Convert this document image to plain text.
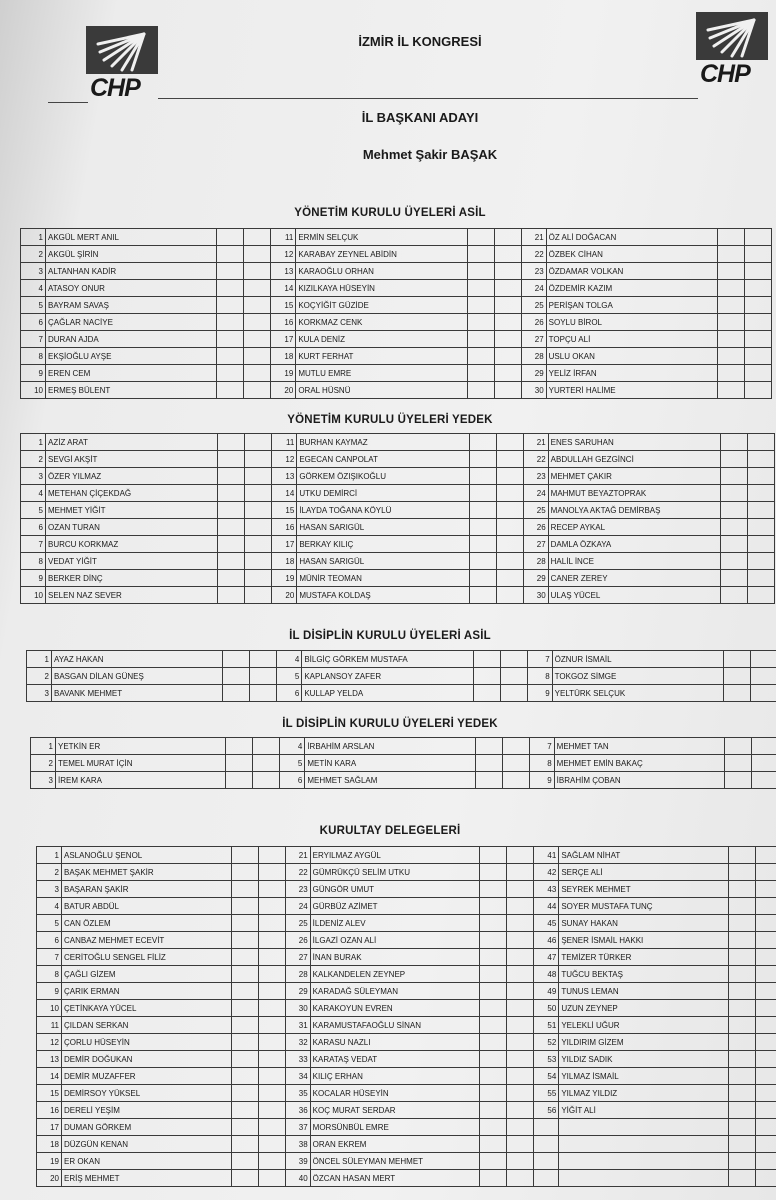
CHP	CHP
İZMİR İL KONGRESİ
İL BAŞKANI ADAYI
Mehmet Şakir BAŞAK
YÖNETİM KURULU ÜYELERİ ASİL
1	AKGÜL MERT ANIL			11	ERMİN SELÇUK			21	ÖZ ALİ DOĞACAN		
2	AKGÜL ŞİRİN			12	KARABAY ZEYNEL ABİDİN			22	ÖZBEK CİHAN		
3	ALTANHAN KADİR			13	KARAOĞLU ORHAN			23	ÖZDAMAR VOLKAN		
4	ATASOY ONUR			14	KIZILKAYA HÜSEYİN			24	ÖZDEMİR KAZIM		
5	BAYRAM SAVAŞ			15	KOÇYİĞİT GÜZİDE			25	PERİŞAN TOLGA		
6	ÇAĞLAR NACİYE			16	KORKMAZ CENK			26	SOYLU BİROL		
7	DURAN AJDA			17	KULA DENİZ			27	TOPÇU ALİ		
8	EKŞİOĞLU AYŞE			18	KURT FERHAT			28	USLU OKAN		
9	EREN CEM			19	MUTLU EMRE			29	YELİZ İRFAN		
10	ERMEŞ BÜLENT			20	ORAL HÜSNÜ			30	YURTERİ HALİME		
YÖNETİM KURULU ÜYELERİ YEDEK
1	AZİZ ARAT			11	BURHAN KAYMAZ			21	ENES SARUHAN		
2	SEVGİ AKŞİT			12	EGECAN CANPOLAT			22	ABDULLAH GEZGİNCİ		
3	ÖZER YILMAZ			13	GÖRKEM ÖZIŞIKOĞLU			23	MEHMET ÇAKIR		
4	METEHAN ÇİÇEKDAĞ			14	UTKU DEMİRCİ			24	MAHMUT BEYAZTOPRAK		
5	MEHMET YİĞİT			15	İLAYDA TOĞANA KÖYLÜ			25	MANOLYA AKTAĞ DEMİRBAŞ		
6	OZAN TURAN			16	HASAN SARIGÜL			26	RECEP AYKAL		
7	BURCU KORKMAZ			17	BERKAY KILIÇ			27	DAMLA ÖZKAYA		
8	VEDAT YİĞİT			18	HASAN SARIGÜL			28	HALİL İNCE		
9	BERKER DİNÇ			19	MÜNİR TEOMAN			29	CANER ZEREY		
10	SELEN NAZ SEVER			20	MUSTAFA KOLDAŞ			30	ULAŞ YÜCEL		
İL DİSİPLİN KURULU ÜYELERİ ASİL
1	AYAZ HAKAN			4	BİLGİÇ GÖRKEM MUSTAFA			7	ÖZNUR İSMAİL		
2	BASGAN DİLAN GÜNEŞ			5	KAPLANSOY ZAFER			8	TOKGOZ SİMGE		
3	BAVANK MEHMET			6	KULLAP YELDA			9	YELTÜRK SELÇUK		
İL DİSİPLİN KURULU ÜYELERİ YEDEK
1	YETKİN ER			4	İRBAHİM ARSLAN			7	MEHMET TAN		
2	TEMEL MURAT İÇİN			5	METİN KARA			8	MEHMET EMİN BAKAÇ		
3	İREM KARA			6	MEHMET SAĞLAM			9	İBRAHİM ÇOBAN		
KURULTAY DELEGELERİ
1	ASLANOĞLU ŞENOL			21	ERYILMAZ AYGÜL			41	SAĞLAM NİHAT		
2	BAŞAK MEHMET ŞAKİR			22	GÜMRÜKÇÜ SELİM UTKU			42	SERÇE ALİ		
3	BAŞARAN ŞAKİR			23	GÜNGÖR UMUT			43	SEYREK MEHMET		
4	BATUR ABDÜL			24	GÜRBÜZ AZİMET			44	SOYER MUSTAFA TUNÇ		
5	CAN ÖZLEM			25	İLDENİZ ALEV			45	SUNAY HAKAN		
6	CANBAZ MEHMET ECEVİT			26	İLGAZİ OZAN ALİ			46	ŞENER İSMAİL HAKKI		
7	CERİTOĞLU SENGEL FİLİZ			27	İNAN BURAK			47	TEMİZER TÜRKER		
8	ÇAĞLI GİZEM			28	KALKANDELEN ZEYNEP			48	TUĞCU BEKTAŞ		
9	ÇARIK ERMAN			29	KARADAĞ SÜLEYMAN			49	TUNUS LEMAN		
10	ÇETİNKAYA YÜCEL			30	KARAKOYUN EVREN			50	UZUN ZEYNEP		
11	ÇILDAN SERKAN			31	KARAMUSTAFAOĞLU SİNAN			51	YELEKLİ UĞUR		
12	ÇORLU HÜSEYİN			32	KARASU NAZLI			52	YILDIRIM GİZEM		
13	DEMİR DOĞUKAN			33	KARATAŞ VEDAT			53	YILDIZ SADIK		
14	DEMİR MUZAFFER			34	KILIÇ ERHAN			54	YILMAZ İSMAİL		
15	DEMİRSOY YÜKSEL			35	KOCALAR HÜSEYİN			55	YILMAZ YILDIZ		
16	DERELİ YEŞİM			36	KOÇ MURAT SERDAR			56	YİĞİT ALİ		
17	DUMAN GÖRKEM			37	MORSÜNBÜL EMRE						
18	DÜZGÜN KENAN			38	ORAN EKREM						
19	ER OKAN			39	ÖNCEL SÜLEYMAN MEHMET						
20	ERİŞ MEHMET			40	ÖZCAN HASAN MERT						
